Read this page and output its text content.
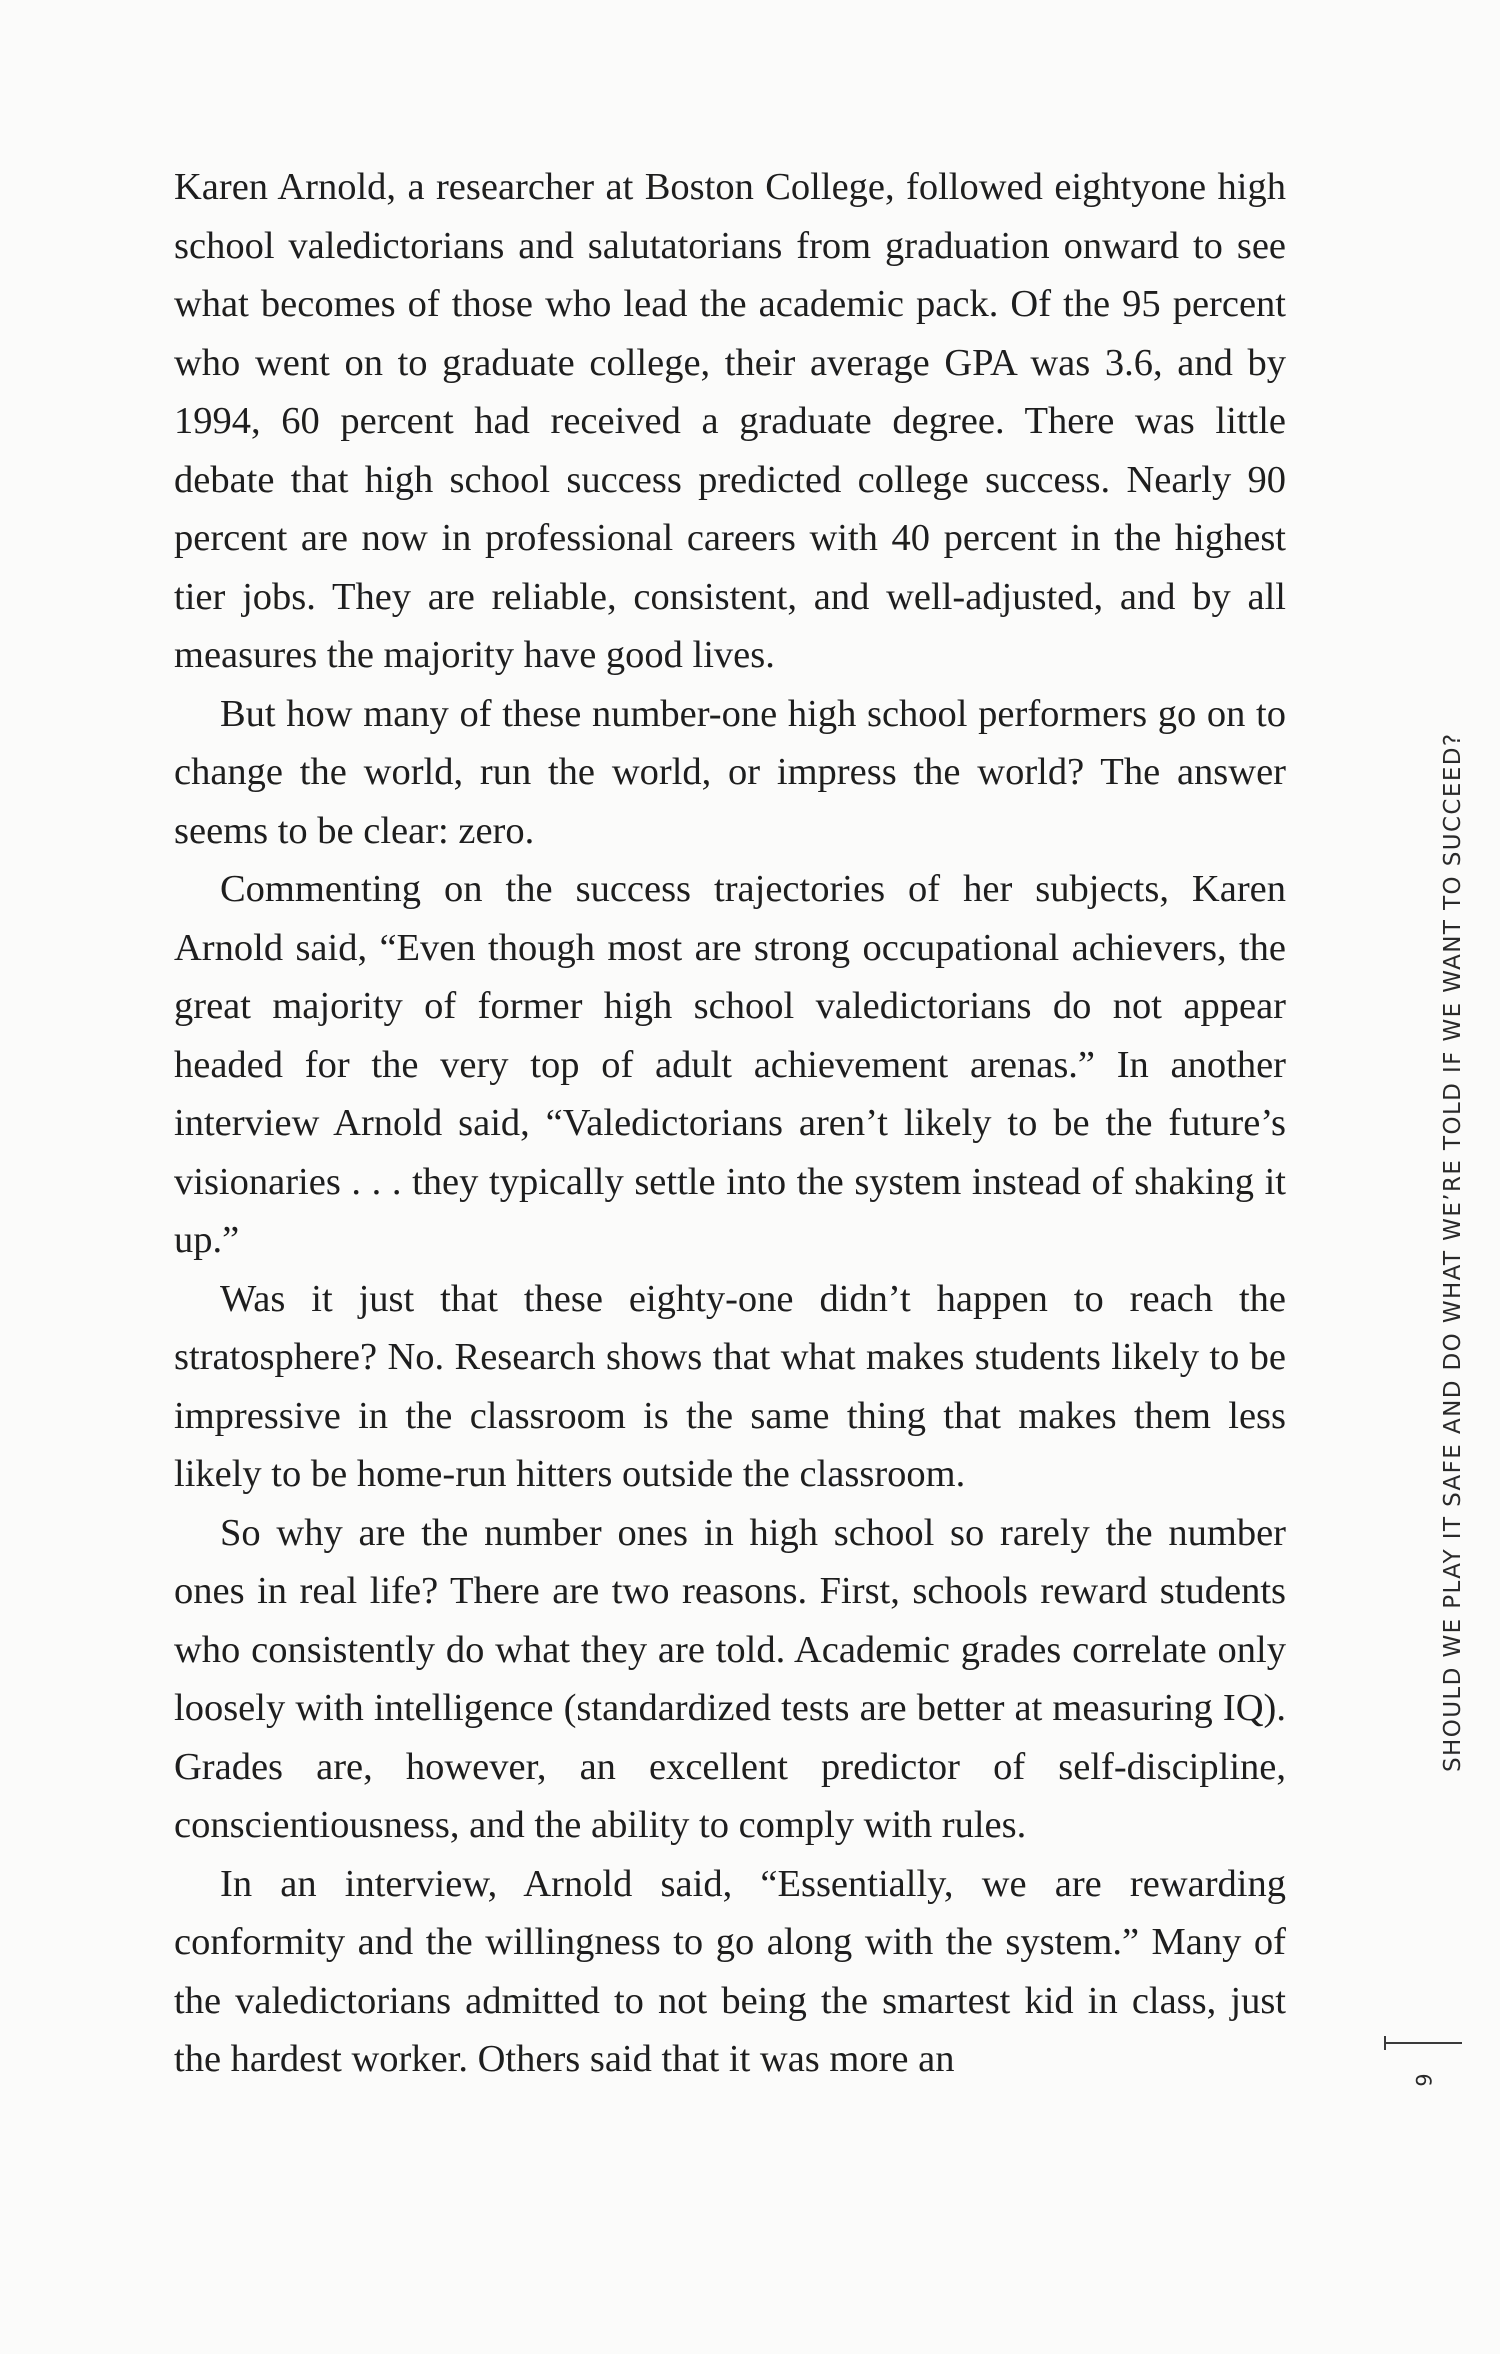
Karen Arnold, a researcher at Boston College, followed eightyone high school valedictorians and salutatorians from graduation onward to see what becomes of those who lead the academic pack. Of the 95 percent who went on to graduate college, their average GPA was 3.6, and by 1994, 60 percent had received a graduate degree. There was little debate that high school success predicted college success. Nearly 90 percent are now in professional careers with 40 percent in the highest tier jobs. They are reliable, consistent, and well-adjusted, and by all measures the majority have good lives.

But how many of these number-one high school performers go on to change the world, run the world, or impress the world? The answer seems to be clear: zero.

Commenting on the success trajectories of her subjects, Karen Arnold said, “Even though most are strong occupational achievers, the great majority of former high school valedictorians do not appear headed for the very top of adult achievement arenas.” In another interview Arnold said, “Valedictorians aren’t likely to be the future’s visionaries . . . they typically settle into the system instead of shaking it up.”

Was it just that these eighty-one didn’t happen to reach the stratosphere? No. Research shows that what makes students likely to be impressive in the classroom is the same thing that makes them less likely to be home-run hitters outside the classroom.

So why are the number ones in high school so rarely the number ones in real life? There are two reasons. First, schools reward students who consistently do what they are told. Academic grades correlate only loosely with intelligence (standardized tests are better at measuring IQ). Grades are, however, an excellent predictor of self-discipline, conscientiousness, and the ability to comply with rules.

In an interview, Arnold said, “Essentially, we are rewarding conformity and the willingness to go along with the system.” Many of the valedictorians admitted to not being the smartest kid in class, just the hardest worker. Others said that it was more an

SHOULD WE PLAY IT SAFE AND DO WHAT WE’RE TOLD IF WE WANT TO SUCCEED?
9
